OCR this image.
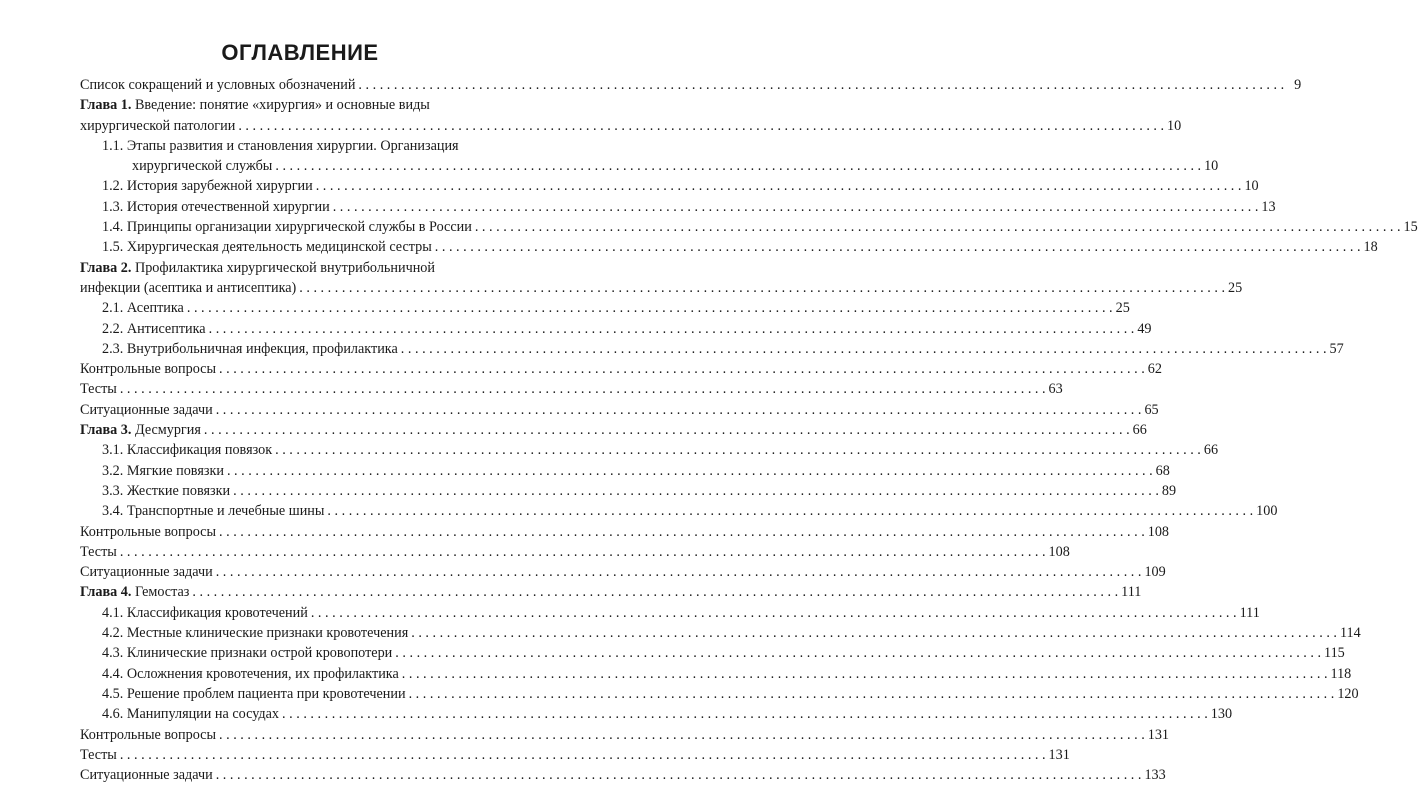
ОГЛАВЛЕНИЕ
Список сокращений и условных обозначений . . .	9
Глава 1. Введение: понятие «хирургия» и основные виды
хирургической патологии . . .	10
1.1. Этапы развития и становления хирургии. Организация
хирургической службы . . .	10
1.2. История зарубежной хирургии . . .	10
1.3. История отечественной хирургии . . .	13
1.4. Принципы организации хирургической службы в России . . .	15
1.5. Хирургическая деятельность медицинской сестры . . .	18
Глава 2. Профилактика хирургической внутрибольничной
инфекции (асептика и антисептика) . . .	25
2.1. Асептика . . .	25
2.2. Антисептика . . .	49
2.3. Внутрибольничная инфекция, профилактика . . .	57
Контрольные вопросы . . .	62
Тесты . . .	63
Ситуационные задачи . . .	65
Глава 3. Десмургия . . .	66
3.1. Классификация повязок . . .	66
3.2. Мягкие повязки . . .	68
3.3. Жесткие повязки . . .	89
3.4. Транспортные и лечебные шины . . .	100
Контрольные вопросы . . .	108
Тесты . . .	108
Ситуационные задачи . . .	109
Глава 4. Гемостаз . . .	111
4.1. Классификация кровотечений . . .	111
4.2. Местные клинические признаки кровотечения . . .	114
4.3. Клинические признаки острой кровопотери . . .	115
4.4. Осложнения кровотечения, их профилактика . . .	118
4.5. Решение проблем пациента при кровотечении . . .	120
4.6. Манипуляции на сосудах . . .	130
Контрольные вопросы . . .	131
Тесты . . .	131
Ситуационные задачи . . .	133
